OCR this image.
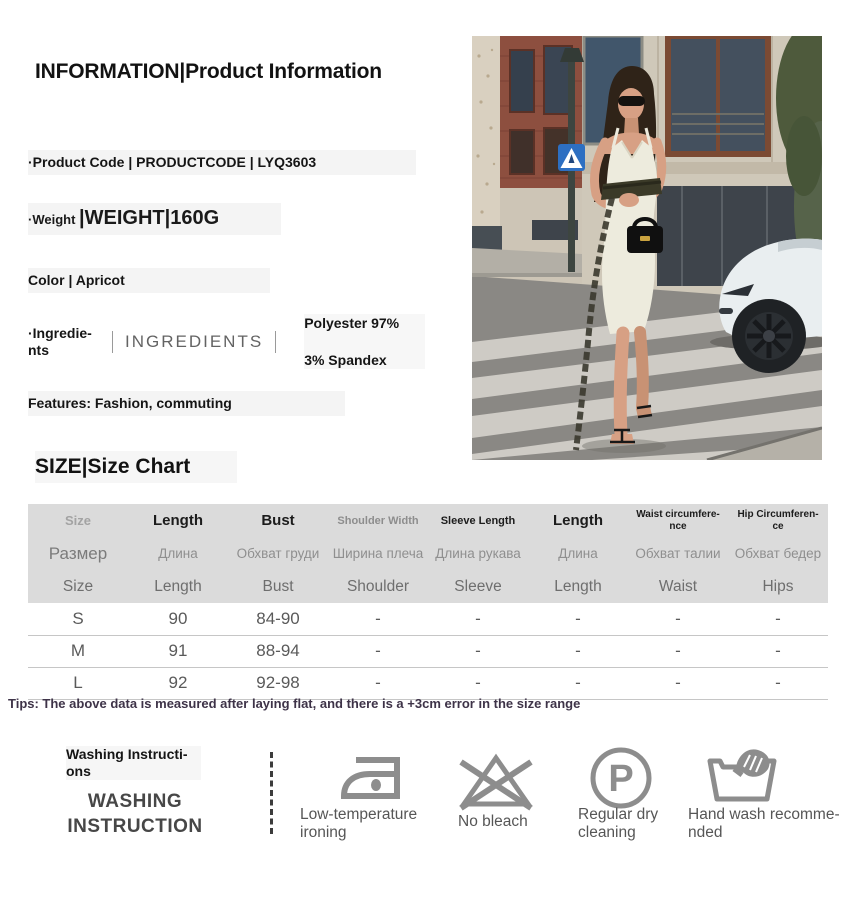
INFORMATION|Product Information
·Product Code | PRODUCTCODE | LYQ3603
·Weight |WEIGHT|160G
Color | Apricot
·Ingredie-nts	INGREDIENTS
Polyester 97%
3% Spandex
Features: Fashion, commuting
SIZE|Size Chart
Size	Length	Bust	Shoulder Width	Sleeve Length	Length	Waist circumfere-nce	Hip Circumferen-ce
Размер	Длина	Обхват груди	Ширина плеча	Длина рукава	Длина	Обхват талии	Обхват бедер
Size	Length	Bust	Shoulder	Sleeve	Length	Waist	Hips
S	90	84-90	-	-	-	-	-
M	91	88-94	-	-	-	-	-
L	92	92-98	-	-	-	-	-
Tips: The above data is measured after laying flat, and there is a +3cm error in the size range
Washing Instructi-ons
WASHING
INSTRUCTION
Low-temperature ironing
No bleach
P
Regular dry cleaning
Hand wash recomme-nded
